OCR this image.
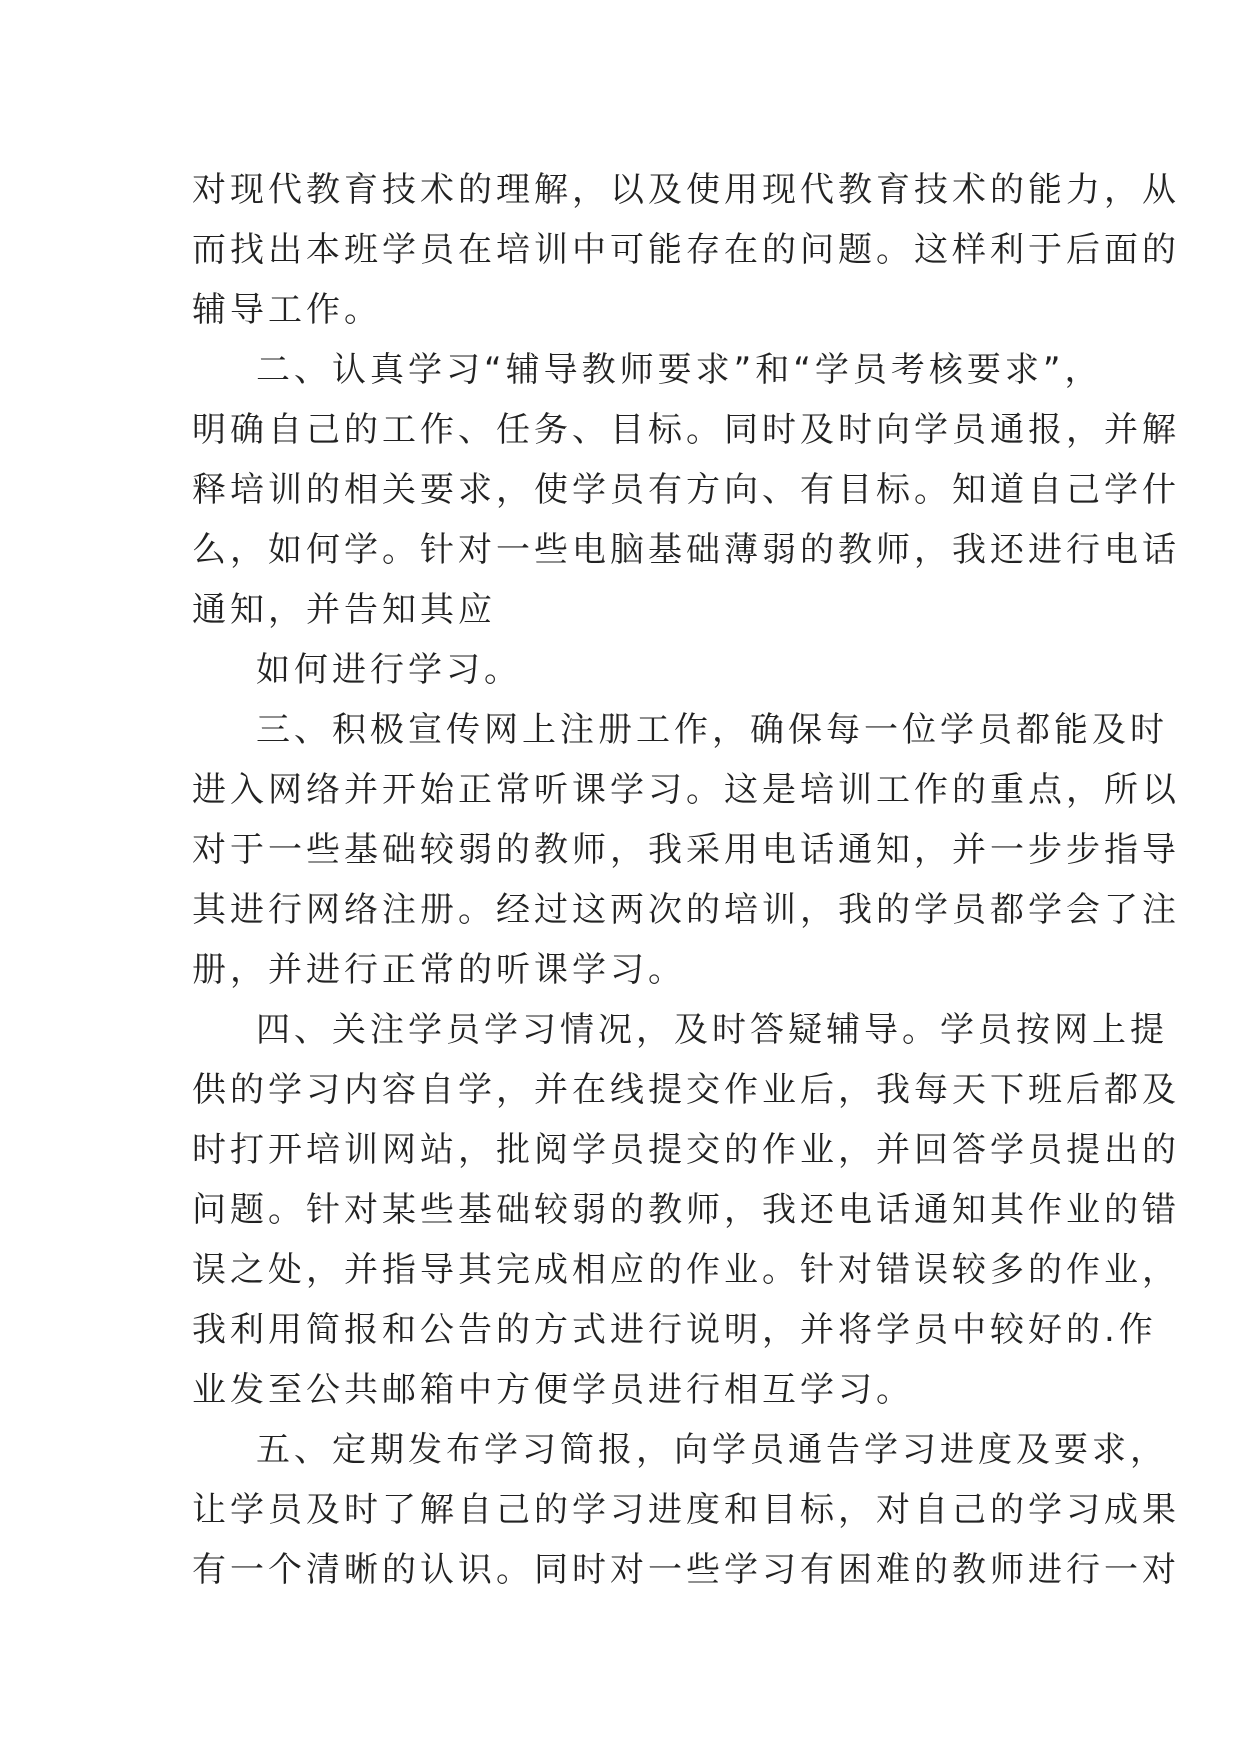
对现代教育技术的理解，以及使用现代教育技术的能力，从
而找出本班学员在培训中可能存在的问题。这样利于后面的
辅导工作。
二、认真学习“辅导教师要求”和“学员考核要求”，
明确自己的工作、任务、目标。同时及时向学员通报，并解
释培训的相关要求，使学员有方向、有目标。知道自己学什
么，如何学。针对一些电脑基础薄弱的教师，我还进行电话
通知，并告知其应
如何进行学习。
三、积极宣传网上注册工作，确保每一位学员都能及时
进入网络并开始正常听课学习。这是培训工作的重点，所以
对于一些基础较弱的教师，我采用电话通知，并一步步指导
其进行网络注册。经过这两次的培训，我的学员都学会了注
册，并进行正常的听课学习。
四、关注学员学习情况，及时答疑辅导。学员按网上提
供的学习内容自学，并在线提交作业后，我每天下班后都及
时打开培训网站，批阅学员提交的作业，并回答学员提出的
问题。针对某些基础较弱的教师，我还电话通知其作业的错
误之处，并指导其完成相应的作业。针对错误较多的作业，
我利用简报和公告的方式进行说明，并将学员中较好的.作
业发至公共邮箱中方便学员进行相互学习。
五、定期发布学习简报，向学员通告学习进度及要求，
让学员及时了解自己的学习进度和目标，对自己的学习成果
有一个清晰的认识。同时对一些学习有困难的教师进行一对
